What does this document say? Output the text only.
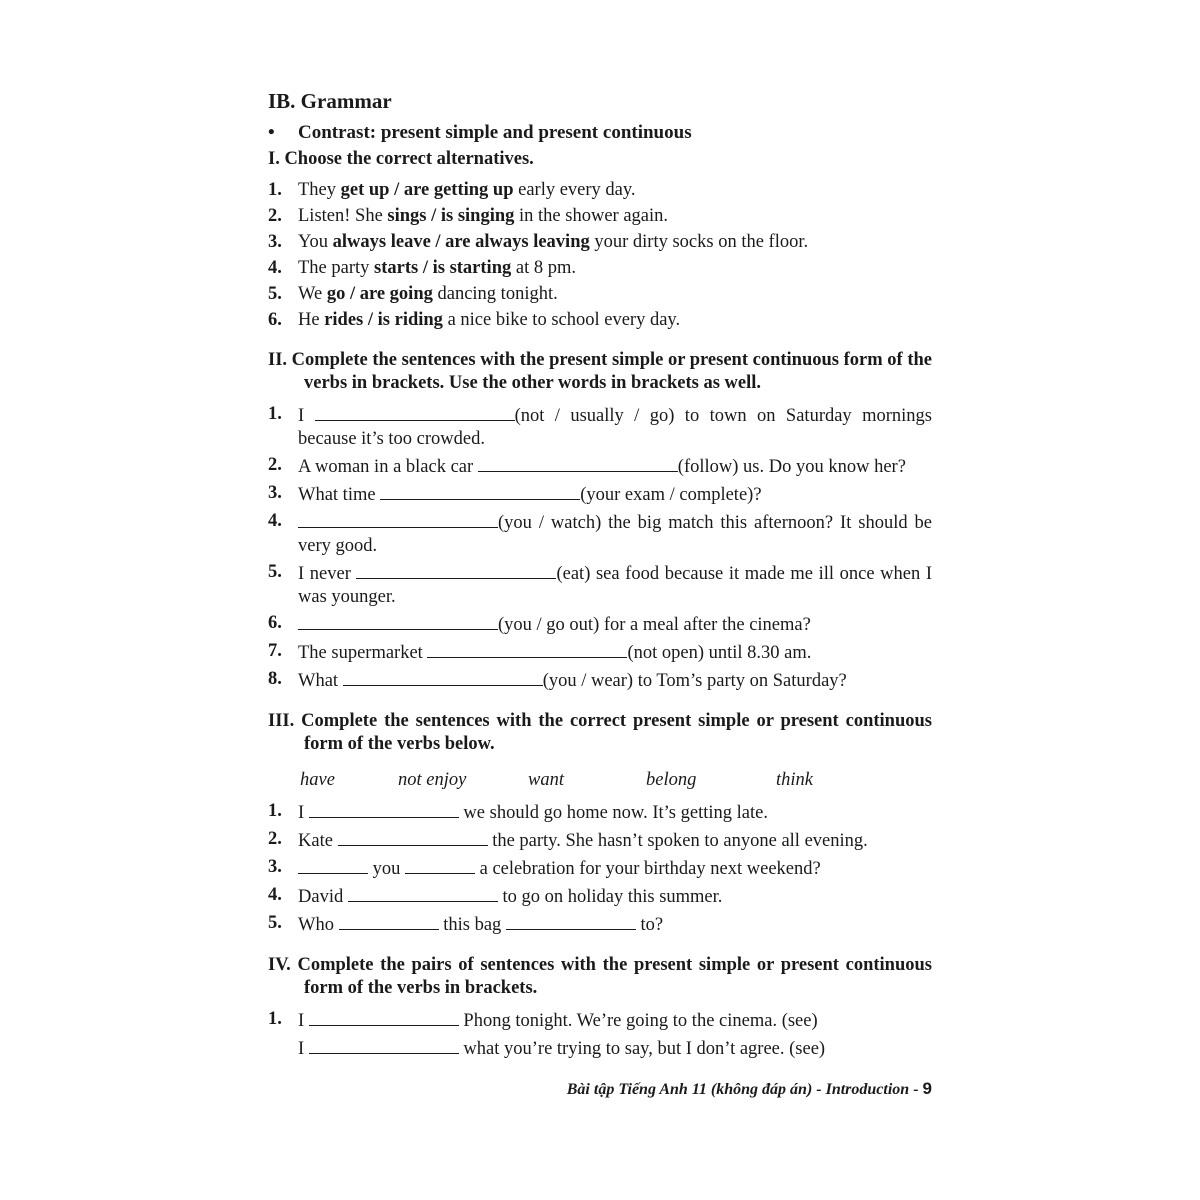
IB. Grammar
•	Contrast: present simple and present continuous

I. Choose the correct alternatives.

1. They get up / are getting up early every day.
2. Listen! She sings / is singing in the shower again.
3. You always leave / are always leaving your dirty socks on the floor.
4. The party starts / is starting at 8 pm.
5. We go / are going dancing tonight.
6. He rides / is riding a nice bike to school every day.

II. Complete the sentences with the present simple or present continuous form of the verbs in brackets. Use the other words in brackets as well.

1. I	(not / usually / go) to town on Saturday mornings because it’s too crowded.
2. A woman in a black car	(follow) us. Do you know her?
3. What time	(your exam / complete)?
4.	(you / watch) the big match this afternoon? It should be very good.
5. I never	(eat) sea food because it made me ill once when I was younger.
6.	(you / go out) for a meal after the cinema?
7. The supermarket	(not open) until 8.30 am.
8. What	(you / wear) to Tom’s party on Saturday?

III. Complete the sentences with the correct present simple or present continuous form of the verbs below.

have	not enjoy	want	belong	think
1. I	we should go home now. It’s getting late.
2. Kate	the party. She hasn’t spoken to anyone all evening.
3.	you	a celebration for your birthday next weekend?
4. David	to go on holiday this summer.
5. Who	this bag	to?

IV. Complete the pairs of sentences with the present simple or present continuous form of the verbs in brackets.

1. I	Phong tonight. We’re going to the cinema. (see)
I	what you’re trying to say, but I don’t agree. (see)
Bài tập Tiếng Anh 11 (không đáp án) - Introduction - 9
